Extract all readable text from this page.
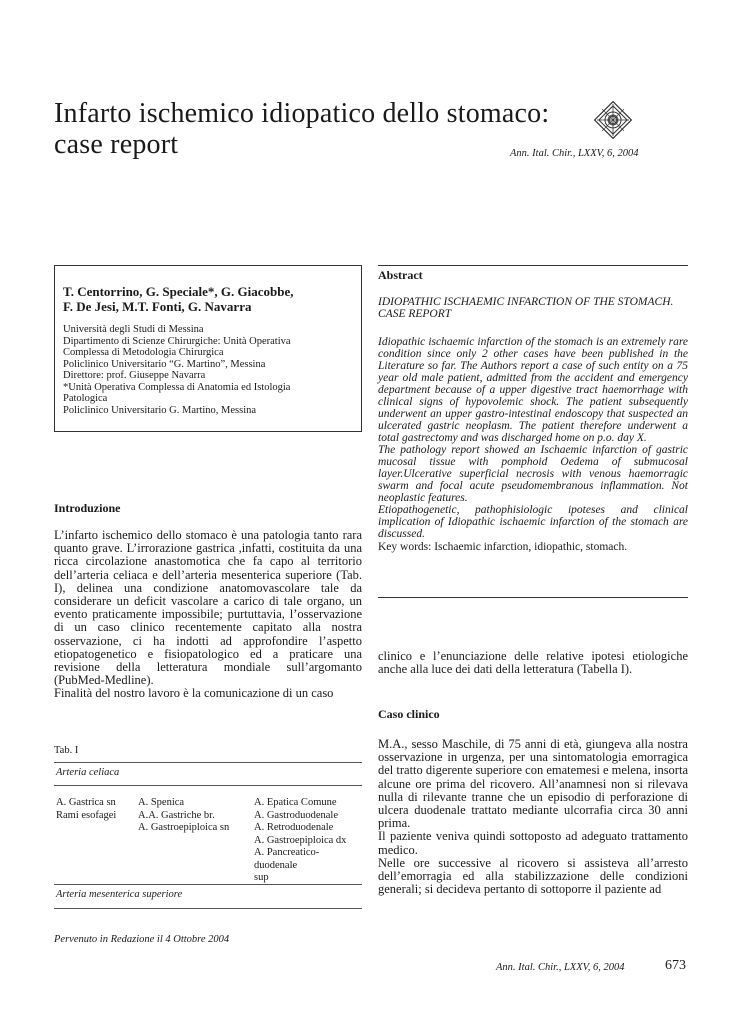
Infarto ischemico idiopatico dello stomaco:
case report	Ann. Ital. Chir., LXXV, 6, 2004
T. Centorrino, G. Speciale*, G. Giacobbe,
F. De Jesi, M.T. Fonti, G. Navarra
Università degli Studi di Messina
Dipartimento di Scienze Chirurgiche: Unità Operativa
Complessa di Metodologia Chirurgica
Policlinico Universitario “G. Martino”, Messina
Direttore: prof. Giuseppe Navarra
*Unità Operativa Complessa di Anatomia ed Istologia
Patologica
Policlinico Universitario G. Martino, Messina
Abstract
IDIOPATHIC ISCHAEMIC INFARCTION OF THE STOMACH. CASE REPORT

Idiopathic ischaemic infarction of the stomach is an extremely rare condition since only 2 other cases have been published in the Literature so far. The Authors report a case of such entity on a 75 year old male patient, admitted from the accident and emergency department because of a upper digestive tract haemorrhage with clinical signs of hypovolemic shock. The patient subsequently underwent an upper gastro-intestinal endoscopy that suspected an ulcerated gastric neoplasm. The patient therefore underwent a total gastrectomy and was discharged home on p.o. day X.

The pathology report showed an Ischaemic infarction of gastric mucosal tissue with pomphoid Oedema of submucosal layer.Ulcerative superficial necrosis with venous haemorragic swarm and focal acute pseudomembranous inflammation. Not neoplastic features.

Etiopathogenetic, pathophisiologic ipoteses and clinical implication of Idiopathic ischaemic infarction of the stomach are discussed.

Key words: Ischaemic infarction, idiopathic, stomach.
Introduzione

L’infarto ischemico dello stomaco è una patologia tanto rara quanto grave. L’irrorazione gastrica ,infatti, costituita da una ricca circolazione anastomotica che fa capo al territorio dell’arteria celiaca e dell’arteria mesenterica superiore (Tab. I), delinea una condizione anatomovascolare tale da considerare un deficit vascolare a carico di tale organo, un evento praticamente impossibile; purtuttavia, l’osservazione di un caso clinico recentemente capitato alla nostra osservazione, ci ha indotti ad approfondire l’aspetto etiopatogenetico e fisiopatologico ed a praticare una revisione della letteratura mondiale sull’argomanto (PubMed-Medline).

Finalità del nostro lavoro è la comunicazione di un caso

clinico e l’enunciazione delle relative ipotesi etiologiche anche alla luce dei dati della letteratura (Tabella I).
Tab. I
Arteria celiaca
A. Gastrica sn
Rami esofagei
A. Spenica
A.A. Gastriche br.
A. Gastroepiploica sn
A. Epatica Comune
A. Gastroduodenale
A. Retroduodenale
A. Gastroepiploica dx
A. Pancreatico-duodenale
sup
Arteria mesenterica superiore
Caso clinico

M.A., sesso Maschile, di 75 anni di età, giungeva alla nostra osservazione in urgenza, per una sintomatologia emorragica del tratto digerente superiore con ematemesi e melena, insorta alcune ore prima del ricovero. All’anamnesi non si rilevava nulla di rilevante tranne che un episodio di perforazione di ulcera duodenale trattato mediante ulcorrafia circa 30 anni prima.

Il paziente veniva quindi sottoposto ad adeguato trattamento medico.

Nelle ore successive al ricovero si assisteva all’arresto dell’emorragia ed alla stabilizzazione delle condizioni generali; si decideva pertanto di sottoporre il paziente ad

Pervenuto in Redazione il 4 Ottobre 2004
Ann. Ital. Chir., LXXV, 6, 2004	673
